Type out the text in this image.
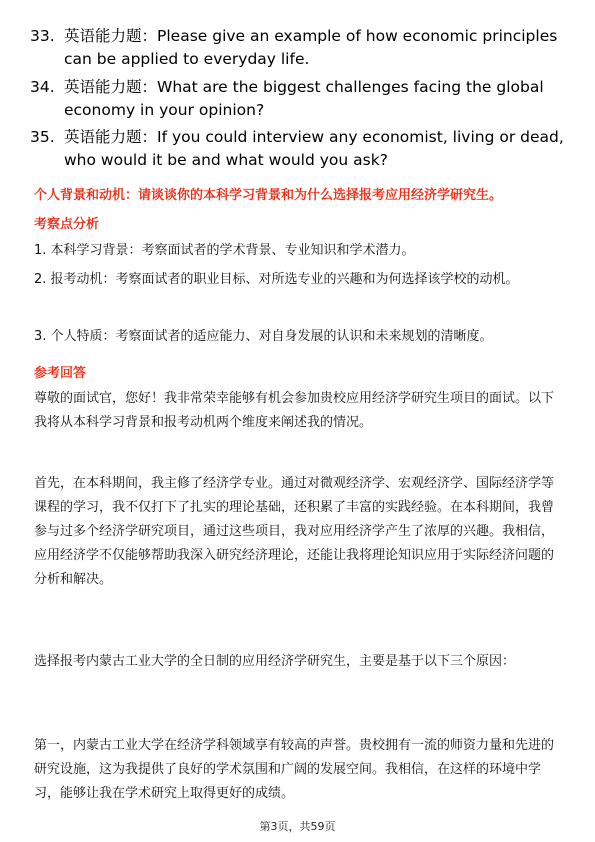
33. 英语能力题：Please give an example of how economic principles can be applied to everyday life.
34. 英语能力题：What are the biggest challenges facing the global economy in your opinion?
35. 英语能力题：If you could interview any economist, living or dead, who would it be and what would you ask?
个人背景和动机：请谈谈你的本科学习背景和为什么选择报考应用经济学研究生。
考察点分析
1. 本科学习背景：考察面试者的学术背景、专业知识和学术潜力。
2. 报考动机：考察面试者的职业目标、对所选专业的兴趣和为何选择该学校的动机。
3. 个人特质：考察面试者的适应能力、对自身发展的认识和未来规划的清晰度。
参考回答
尊敬的面试官，您好！我非常荣幸能够有机会参加贵校应用经济学研究生项目的面试。以下我将从本科学习背景和报考动机两个维度来阐述我的情况。
首先，在本科期间，我主修了经济学专业。通过对微观经济学、宏观经济学、国际经济学等课程的学习，我不仅打下了扎实的理论基础，还积累了丰富的实践经验。在本科期间，我曾参与过多个经济学研究项目，通过这些项目，我对应用经济学产生了浓厚的兴趣。我相信，应用经济学不仅能够帮助我深入研究经济理论，还能让我将理论知识应用于实际经济问题的分析和解决。
选择报考内蒙古工业大学的全日制的应用经济学研究生，主要是基于以下三个原因：
第一，内蒙古工业大学在经济学科领域享有较高的声誉。贵校拥有一流的师资力量和先进的研究设施，这为我提供了良好的学术氛围和广阔的发展空间。我相信，在这样的环境中学习，能够让我在学术研究上取得更好的成绩。
第3页，共59页
